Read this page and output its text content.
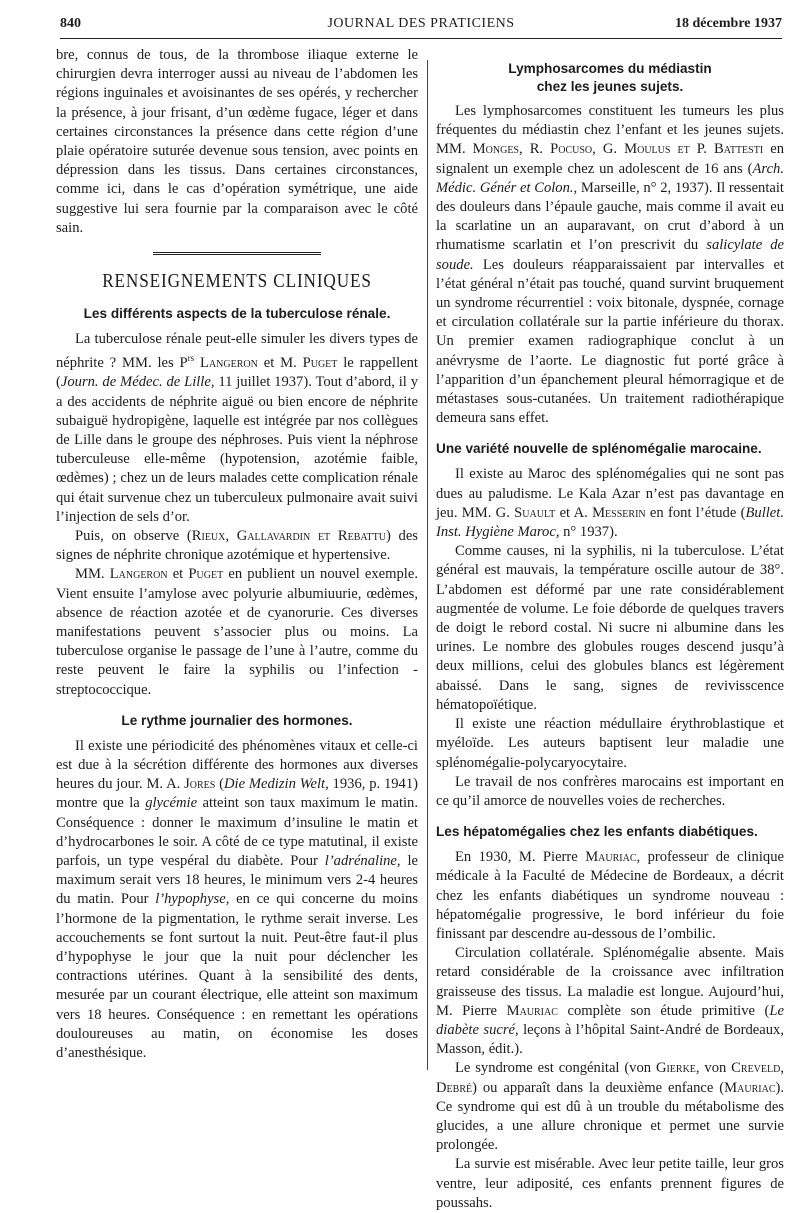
840	JOURNAL DES PRATICIENS	18 décembre 1937

bre, connus de tous, de la thrombose iliaque externe le chirurgien devra interroger aussi au niveau de l’abdomen les régions inguinales et avoisinantes de ses opérés, y rechercher la présence, à jour frisant, d’un œdème fugace, léger et dans certaines circonstances la présence dans cette région d’une plaie opératoire suturée devenue sous tension, avec points en dépression dans les tissus. Dans certaines circonstances, comme ici, dans le cas d’opération symétrique, une aide suggestive lui sera fournie par la comparaison avec le côté sain.

RENSEIGNEMENTS CLINIQUES
Les différents aspects de la tuberculose rénale.

La tuberculose rénale peut-elle simuler les divers types de néphrite ? MM. les $P^{rs}$ Langeron et M. Puget le rappellent (Journ. de Médec. de Lille, 11 juillet 1937). Tout d’abord, il y a des accidents de néphrite aiguë ou bien encore de néphrite subaiguë hydropigène, laquelle est intégrée par nos collègues de Lille dans le groupe des néphroses. Puis vient la néphrose tuberculeuse elle-même (hypotension, azotémie faible, œdèmes) ; chez un de leurs malades cette complication rénale qui était survenue chez un tuberculeux pulmonaire avait suivi l’injection de sels d’or.

Puis, on observe (Rieux, Gallavardin et Rebattu) des signes de néphrite chronique azotémique et hypertensive.

MM. Langeron et Puget en publient un nouvel exemple. Vient ensuite l’amylose avec polyurie albumiuurie, œdèmes, absence de réaction azotée et de cyanorurie. Ces diverses manifestations peuvent s’associer plus ou moins. La tuberculose organise le passage de l’une à l’autre, comme du reste peuvent le faire la syphilis ou l’infection -streptococcique.

Le rythme journalier des hormones.

Il existe une périodicité des phénomènes vitaux et celle-ci est due à la sécrétion différente des hormones aux diverses heures du jour. M. A. Jores (Die Medizin Welt, 1936, p. 1941) montre que la glycémie atteint son taux maximum le matin. Conséquence : donner le maximum d’insuline le matin et d’hydrocarbones le soir. A côté de ce type matutinal, il existe parfois, un type vespéral du diabète. Pour l’adrénaline, le maximum serait vers 18 heures, le minimum vers 2-4 heures du matin. Pour l’hypophyse, en ce qui concerne du moins l’hormone de la pigmentation, le rythme serait inverse. Les accouchements se font surtout la nuit. Peut-être faut-il plus d’hypophyse le jour que la nuit pour déclencher les contractions utérines. Quant à la sensibilité des dents, mesurée par un courant électrique, elle atteint son maximum vers 18 heures. Conséquence : en remettant les opérations douloureuses au matin, on économise les doses d’anesthésique.

Lymphosarcomes du médiastin
chez les jeunes sujets.

Les lymphosarcomes constituent les tumeurs les plus fréquentes du médiastin chez l’enfant et les jeunes sujets. MM. Monges, R. Pocuso, G. Moulus et P. Battesti en signalent un exemple chez un adolescent de 16 ans (Arch. Médic. Génér et Colon., Marseille, n° 2, 1937). Il ressentait des douleurs dans l’épaule gauche, mais comme il avait eu la scarlatine un an auparavant, on crut d’abord à un rhumatisme scarlatin et l’on prescrivit du salicylate de soude. Les douleurs réapparaissaient par intervalles et l’état général n’était pas touché, quand survint bruquement un syndrome récurrentiel : voix bitonale, dyspnée, cornage et circulation collatérale sur la partie inférieure du thorax. Un premier examen radiographique conclut à un anévrysme de l’aorte. Le diagnostic fut porté grâce à l’apparition d’un épanchement pleural hémorragique et de métastases sous-cutanées. Un traitement radiothérapique demeura sans effet.

Une variété nouvelle de splénomégalie marocaine.

Il existe au Maroc des splénomégalies qui ne sont pas dues au paludisme. Le Kala Azar n’est pas davantage en jeu. MM. G. Suault et A. Messerin en font l’étude (Bullet. Inst. Hygiène Maroc, n° 1937).

Comme causes, ni la syphilis, ni la tuberculose. L’état général est mauvais, la température oscille autour de 38°. L’abdomen est déformé par une rate considérablement augmentée de volume. Le foie déborde de quelques travers de doigt le rebord costal. Ni sucre ni albumine dans les urines. Le nombre des globules rouges descend jusqu’à deux millions, celui des globules blancs est légèrement abaissé. Dans le sang, signes de revivisscence hématopoïétique.

Il existe une réaction médullaire érythroblastique et myéloïde. Les auteurs baptisent leur maladie une splénomégalie-polycaryocytaire.

Le travail de nos confrères marocains est important en ce qu’il amorce de nouvelles voies de recherches.

Les hépatomégalies chez les enfants diabétiques.

En 1930, M. Pierre Mauriac, professeur de clinique médicale à la Faculté de Médecine de Bordeaux, a décrit chez les enfants diabétiques un syndrome nouveau : hépatomégalie progressive, le bord inférieur du foie finissant par descendre au-dessous de l’ombilic.

Circulation collatérale. Splénomégalie absente. Mais retard considérable de la croissance avec infiltration graisseuse des tissus. La maladie est longue. Aujourd’hui, M. Pierre Mauriac complète son étude primitive (Le diabète sucré, leçons à l’hôpital Saint-André de Bordeaux, Masson, édit.).

Le syndrome est congénital (von Gierke, von Creveld, Debré) ou apparaît dans la deuxième enfance (Mauriac). Ce syndrome qui est dû à un trouble du métabolisme des glucides, a une allure chronique et permet une survie prolongée.

La survie est misérable. Avec leur petite taille, leur gros ventre, leur adiposité, ces enfants prennent figures de poussahs.
